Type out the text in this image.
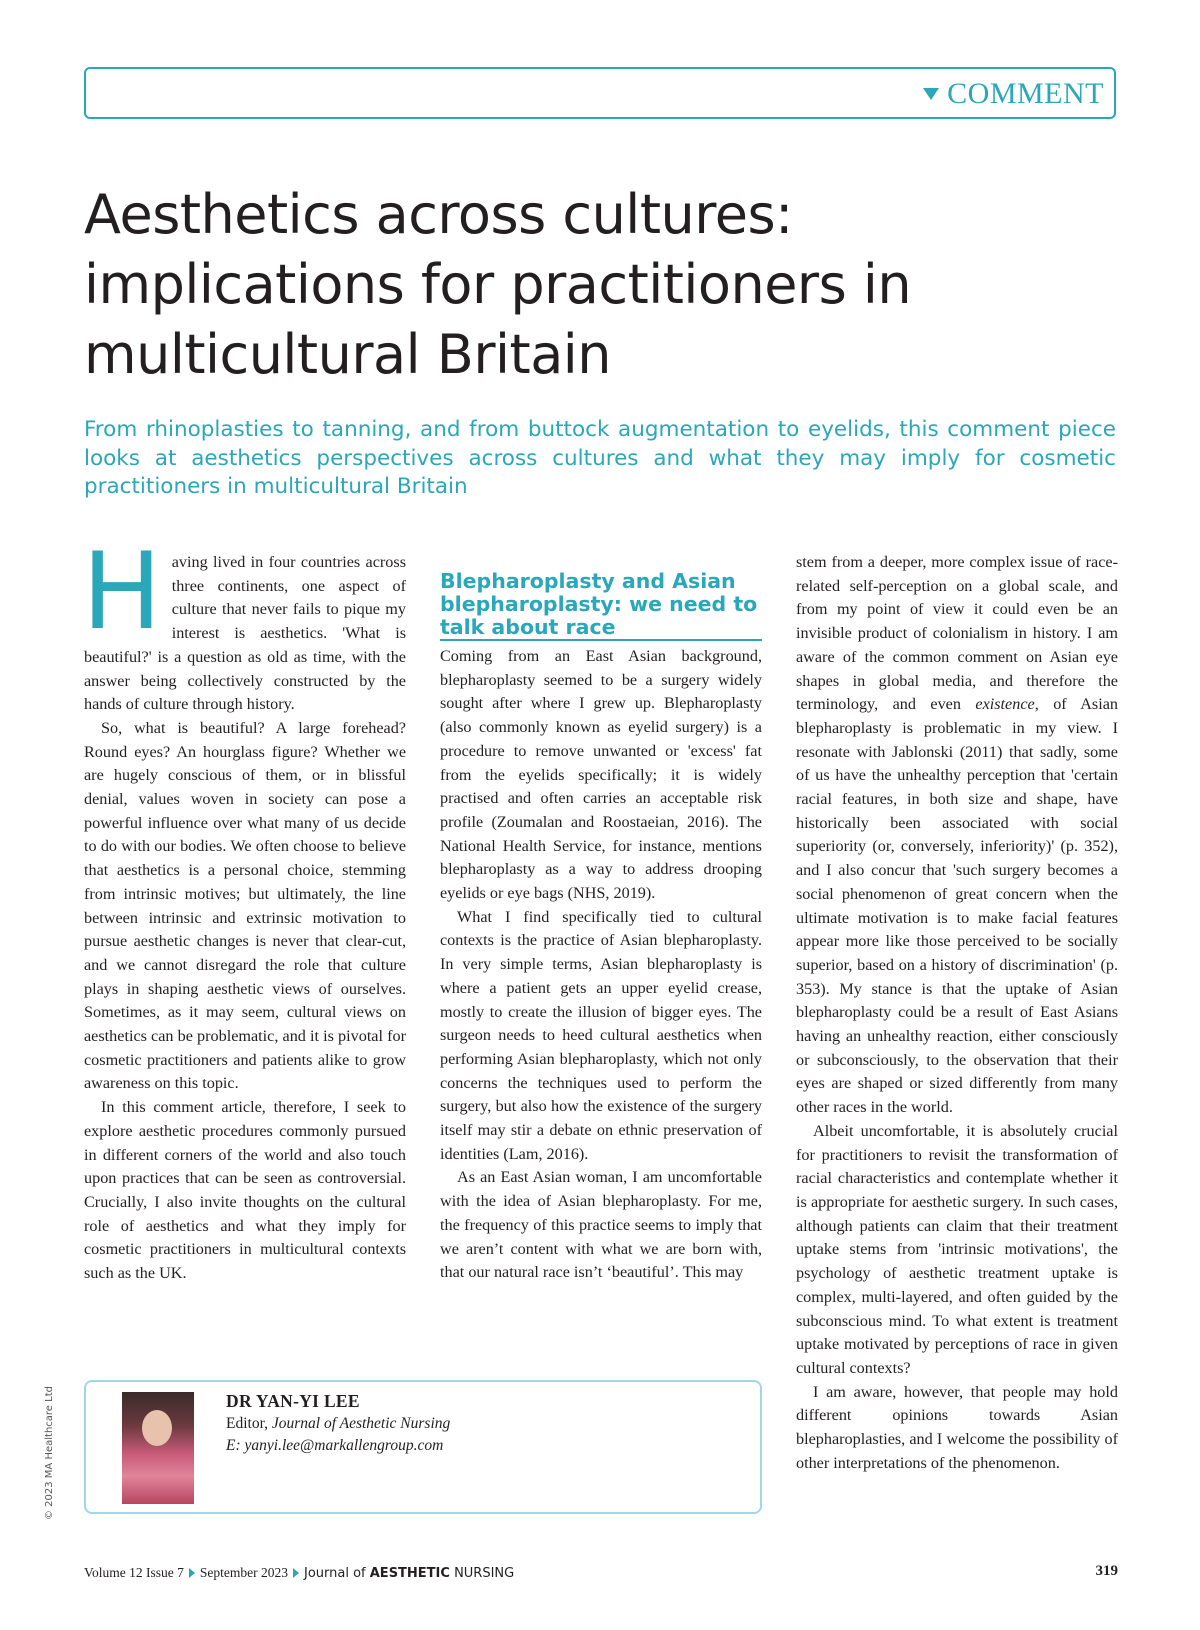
COMMENT
Aesthetics across cultures:
implications for practitioners in
multicultural Britain

From rhinoplasties to tanning, and from buttock augmentation to eyelids, this comment piece looks at aesthetics perspectives across cultures and what they may imply for cosmetic practitioners in multicultural Britain

Having lived in four countries across three continents, one aspect of culture that never fails to pique my interest is aesthetics. 'What is beautiful?' is a question as old as time, with the answer being collectively constructed by the hands of culture through history.

So, what is beautiful? A large forehead? Round eyes? An hourglass figure? Whether we are hugely conscious of them, or in blissful denial, values woven in society can pose a powerful influence over what many of us decide to do with our bodies. We often choose to believe that aesthetics is a personal choice, stemming from intrinsic motives; but ultimately, the line between intrinsic and extrinsic motivation to pursue aesthetic changes is never that clear-cut, and we cannot disregard the role that culture plays in shaping aesthetic views of ourselves. Sometimes, as it may seem, cultural views on aesthetics can be problematic, and it is pivotal for cosmetic practitioners and patients alike to grow awareness on this topic.

In this comment article, therefore, I seek to explore aesthetic procedures commonly pursued in different corners of the world and also touch upon practices that can be seen as controversial. Crucially, I also invite thoughts on the cultural role of aesthetics and what they imply for cosmetic practitioners in multicultural contexts such as the UK.

Blepharoplasty and Asian blepharoplasty: we need to talk about race

Coming from an East Asian background, blepharoplasty seemed to be a surgery widely sought after where I grew up. Blepharoplasty (also commonly known as eyelid surgery) is a procedure to remove unwanted or 'excess' fat from the eyelids specifically; it is widely practised and often carries an acceptable risk profile (Zoumalan and Roostaeian, 2016). The National Health Service, for instance, mentions blepharoplasty as a way to address drooping eyelids or eye bags (NHS, 2019).

What I find specifically tied to cultural contexts is the practice of Asian blepharoplasty. In very simple terms, Asian blepharoplasty is where a patient gets an upper eyelid crease, mostly to create the illusion of bigger eyes. The surgeon needs to heed cultural aesthetics when performing Asian blepharoplasty, which not only concerns the techniques used to perform the surgery, but also how the existence of the surgery itself may stir a debate on ethnic preservation of identities (Lam, 2016).

As an East Asian woman, I am uncomfortable with the idea of Asian blepharoplasty. For me, the frequency of this practice seems to imply that we aren’t content with what we are born with, that our natural race isn’t ‘beautiful’. This may

stem from a deeper, more complex issue of race-related self-perception on a global scale, and from my point of view it could even be an invisible product of colonialism in history. I am aware of the common comment on Asian eye shapes in global media, and therefore the terminology, and even existence, of Asian blepharoplasty is problematic in my view. I resonate with Jablonski (2011) that sadly, some of us have the unhealthy perception that 'certain racial features, in both size and shape, have historically been associated with social superiority (or, conversely, inferiority)' (p. 352), and I also concur that 'such surgery becomes a social phenomenon of great concern when the ultimate motivation is to make facial features appear more like those perceived to be socially superior, based on a history of discrimination' (p. 353). My stance is that the uptake of Asian blepharoplasty could be a result of East Asians having an unhealthy reaction, either consciously or subconsciously, to the observation that their eyes are shaped or sized differently from many other races in the world.

Albeit uncomfortable, it is absolutely crucial for practitioners to revisit the transformation of racial characteristics and contemplate whether it is appropriate for aesthetic surgery. In such cases, although patients can claim that their treatment uptake stems from 'intrinsic motivations', the psychology of aesthetic treatment uptake is complex, multi-layered, and often guided by the subconscious mind. To what extent is treatment uptake motivated by perceptions of race in given cultural contexts?

I am aware, however, that people may hold different opinions towards Asian blepharoplasties, and I welcome the possibility of other interpretations of the phenomenon.

DR YAN-YI LEE
Editor, Journal of Aesthetic Nursing
E: yanyi.lee@markallengroup.com
© 2023 MA Healthcare Ltd
Volume 12 Issue 7 September 2023 Journal of AESTHETIC NURSING	319
